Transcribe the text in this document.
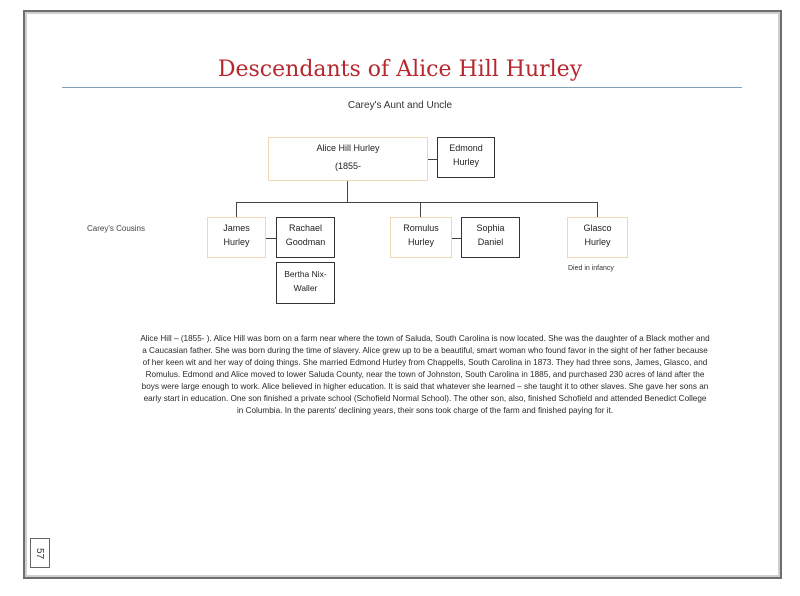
Descendants of Alice Hill Hurley
Carey's Aunt and Uncle
Alice Hill Hurley
(1855-
Edmond
Hurley
Carey's Cousins	James
Hurley
Rachael
Goodman
Bertha Nix-
Waller
Romulus
Hurley
Sophia
Daniel
Glasco
Hurley
Died in infancy
Alice Hill – (1855- ). Alice Hill was born on a farm near where the town of Saluda, South Carolina is now located. She was the daughter of a Black mother and a Caucasian father. She was born during the time of slavery. Alice grew up to be a beautiful, smart woman who found favor in the sight of her father because of her keen wit and her way of doing things. She married Edmond Hurley from Chappells, South Carolina in 1873. They had three sons, James, Glasco, and Romulus. Edmond and Alice moved to lower Saluda County, near the town of Johnston, South Carolina in 1885, and purchased 230 acres of land after the boys were large enough to work. Alice believed in higher education. It is said that whatever she learned – she taught it to other slaves. She gave her sons an early start in education. One son finished a private school (Schofield Normal School). The other son, also, finished Schofield and attended Benedict College in Columbia. In the parents' declining years, their sons took charge of the farm and finished paying for it.
57
